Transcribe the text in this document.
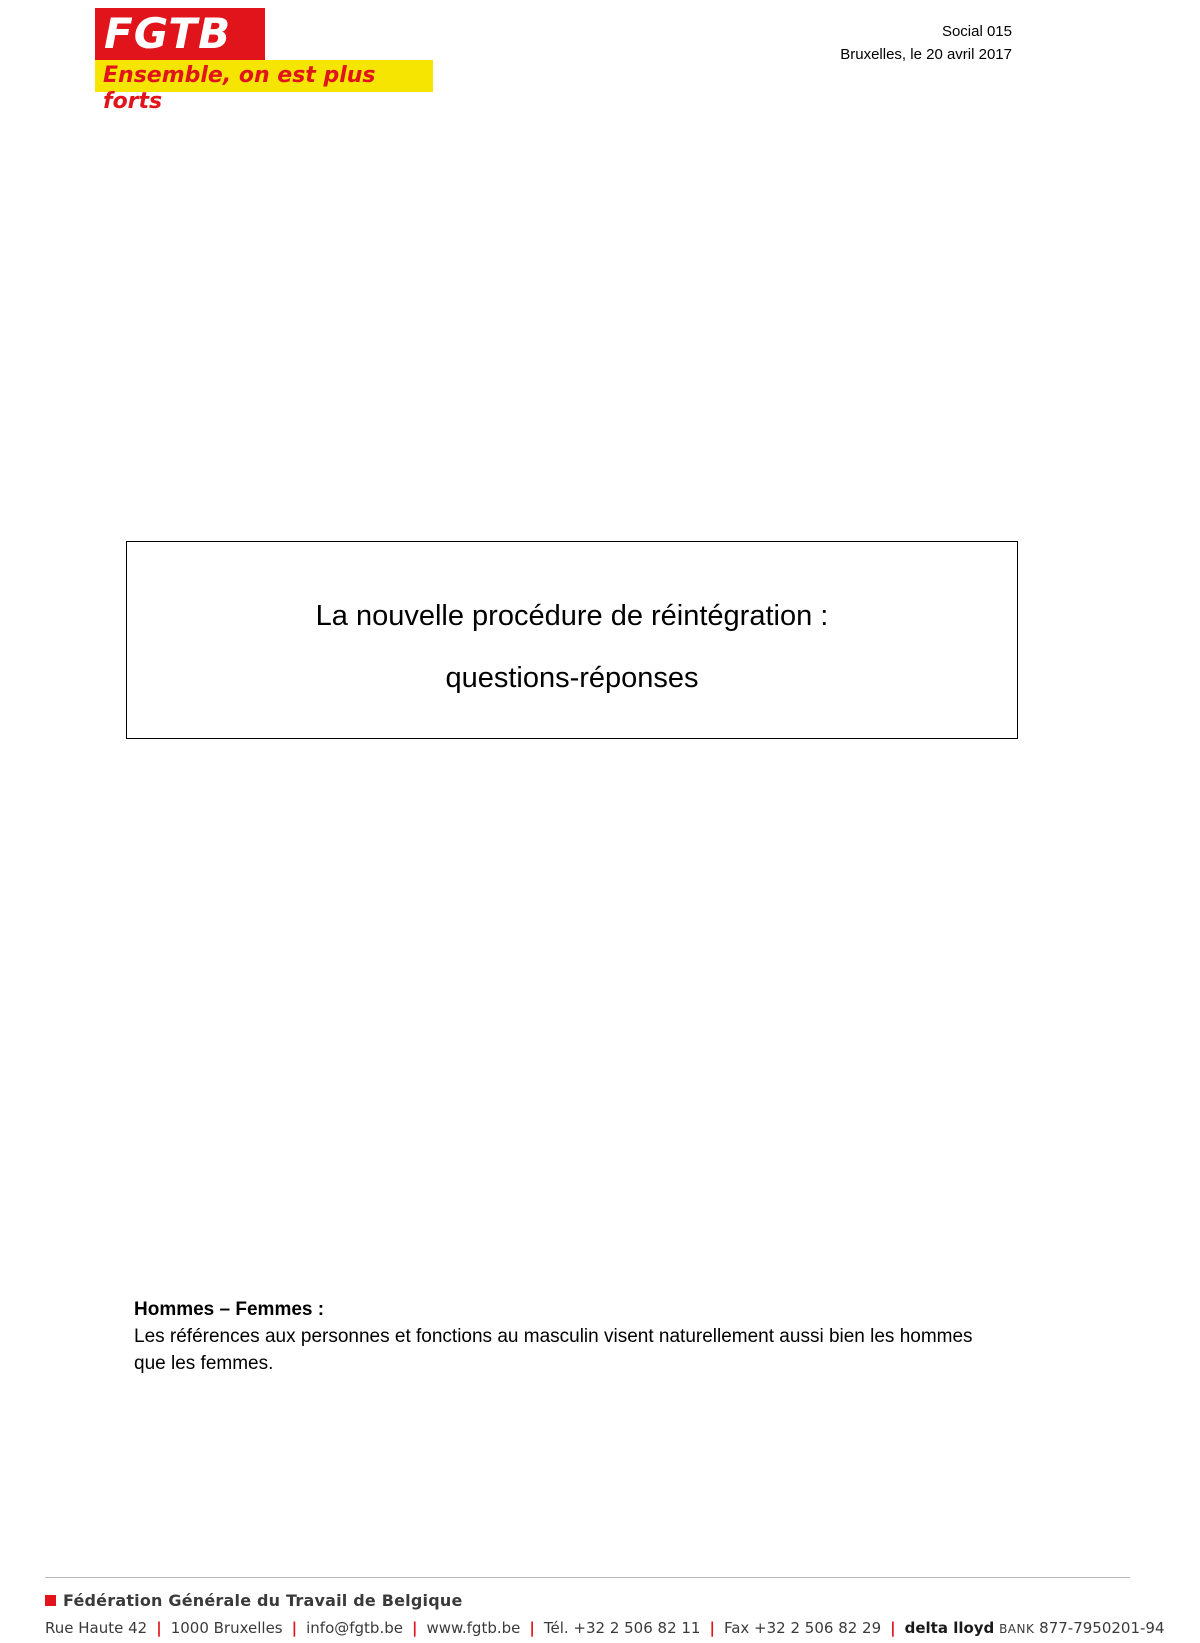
FGTB
Ensemble, on est plus forts
Social 015
Bruxelles, le 20 avril 2017
La nouvelle procédure de réintégration :
questions-réponses
Hommes – Femmes :
Les références aux personnes et fonctions au masculin visent naturellement aussi bien les hommes que les femmes.
Fédération Générale du Travail de Belgique
Rue Haute 42 | 1000 Bruxelles | info@fgtb.be | www.fgtb.be | Tél. +32 2 506 82 11 | Fax +32 2 506 82 29 | delta lloyd BANK 877-7950201-94
